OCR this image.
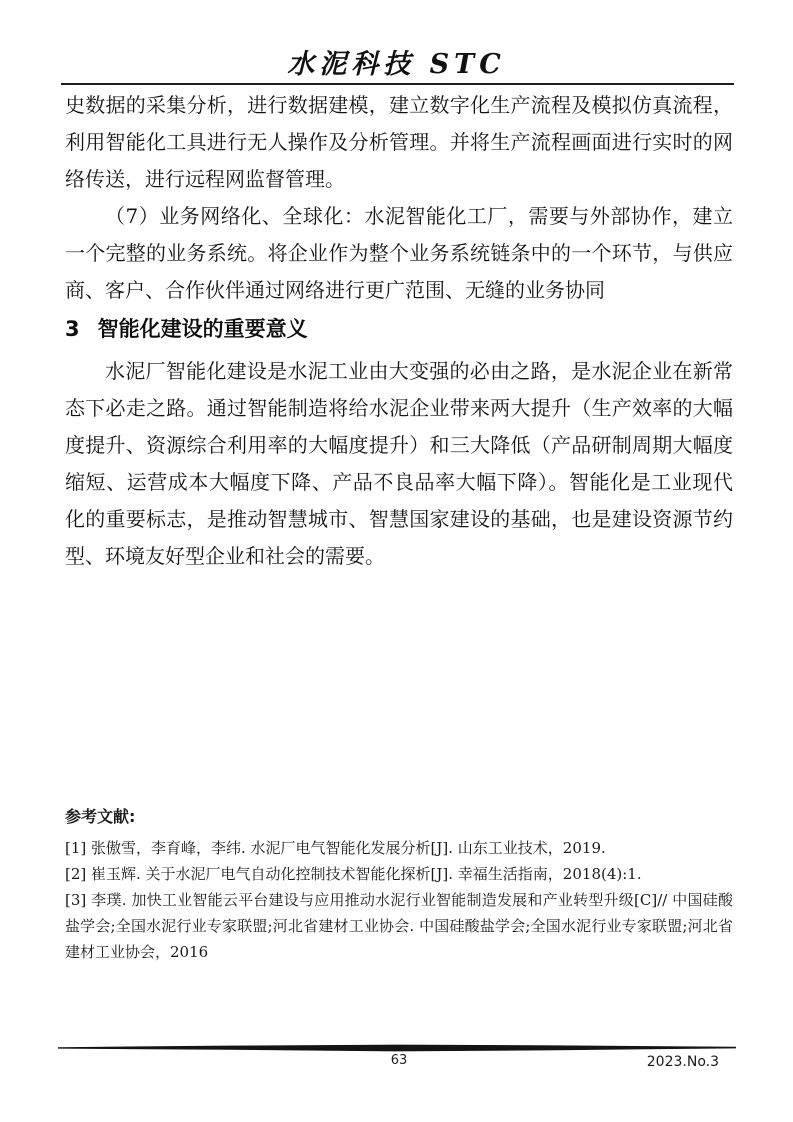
水泥科技 STC

史数据的采集分析，进行数据建模，建立数字化生产流程及模拟仿真流程，利用智能化工具进行无人操作及分析管理。并将生产流程画面进行实时的网络传送，进行远程网监督管理。

（7）业务网络化、全球化：水泥智能化工厂，需要与外部协作，建立一个完整的业务系统。将企业作为整个业务系统链条中的一个环节，与供应商、客户、合作伙伴通过网络进行更广范围、无缝的业务协同

3 智能化建设的重要意义

水泥厂智能化建设是水泥工业由大变强的必由之路，是水泥企业在新常态下必走之路。通过智能制造将给水泥企业带来两大提升（生产效率的大幅度提升、资源综合利用率的大幅度提升）和三大降低（产品研制周期大幅度缩短、运营成本大幅度下降、产品不良品率大幅下降）。智能化是工业现代化的重要标志，是推动智慧城市、智慧国家建设的基础，也是建设资源节约型、环境友好型企业和社会的需要。

参考文献:

[1] 张傲雪，李育峰，李纬. 水泥厂电气智能化发展分析[J]. 山东工业技术，2019.

[2] 崔玉辉. 关于水泥厂电气自动化控制技术智能化探析[J]. 幸福生活指南，2018(4):1.

[3] 李璞. 加快工业智能云平台建设与应用推动水泥行业智能制造发展和产业转型升级[C]// 中国硅酸盐学会;全国水泥行业专家联盟;河北省建材工业协会. 中国硅酸盐学会;全国水泥行业专家联盟;河北省建材工业协会，2016

63	2023.No.3
